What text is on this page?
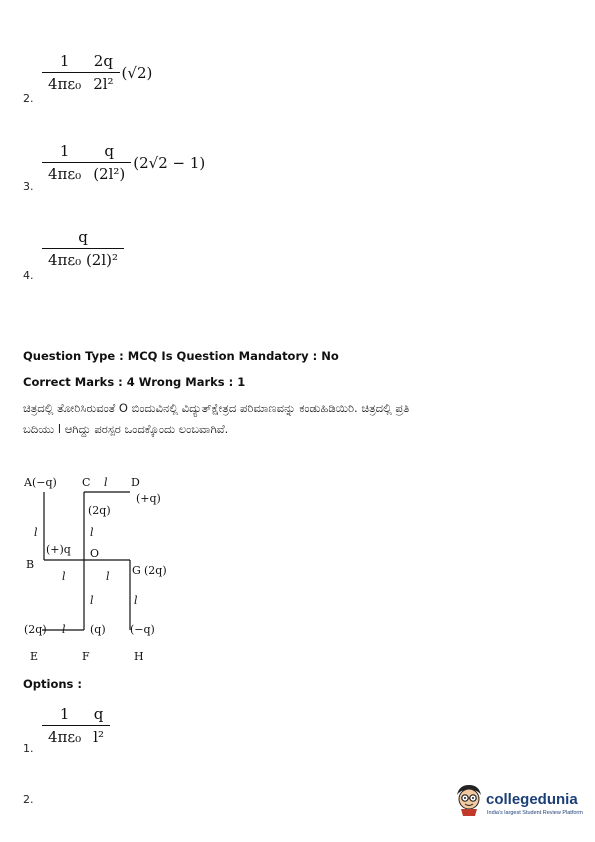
$\frac{1}{\text{4πε₀}} \frac{2q}{\text{2l²}} (√2)$
2.
$\frac{1}{\text{4πε₀}} \frac{q}{\text{(2l²)}} (2√2 - 1)$
3.
$\frac{q}{\text{4πε₀ (2l)²}}$
4.
Question Type : MCQ Is Question Mandatory : No
Correct Marks : 4 Wrong Marks : 1
ಚಿತ್ರದಲ್ಲಿ ತೋರಿಸಿರುವಂತೆ O ಬಿಂದುವಿನಲ್ಲಿ ವಿದ್ಯುತ್‌ಕ್ಷೇತ್ರದ ಪರಿಮಾಣವನ್ನು ಕಂಡುಹಿಡಿಯಿರಿ. ಚಿತ್ರದಲ್ಲಿ ಪ್ರತಿ
ಬದಿಯು l ಆಗಿದ್ದು ಪರಸ್ಪರ ಒಂದಕ್ಕೊಂದು ಲಂಬವಾಗಿವೆ.
A(−q) C l D
(+q)
(2q)
l	l
(+)q O
B	G (2q)
l	l
l	l
(2q) l (q) (−q)
E	F	H
Options :
$\frac{1}{\text{4πε₀}} \frac{q}{\text{l²}}$
1.
2.	collegedunia
India's largest Student Review Platform
